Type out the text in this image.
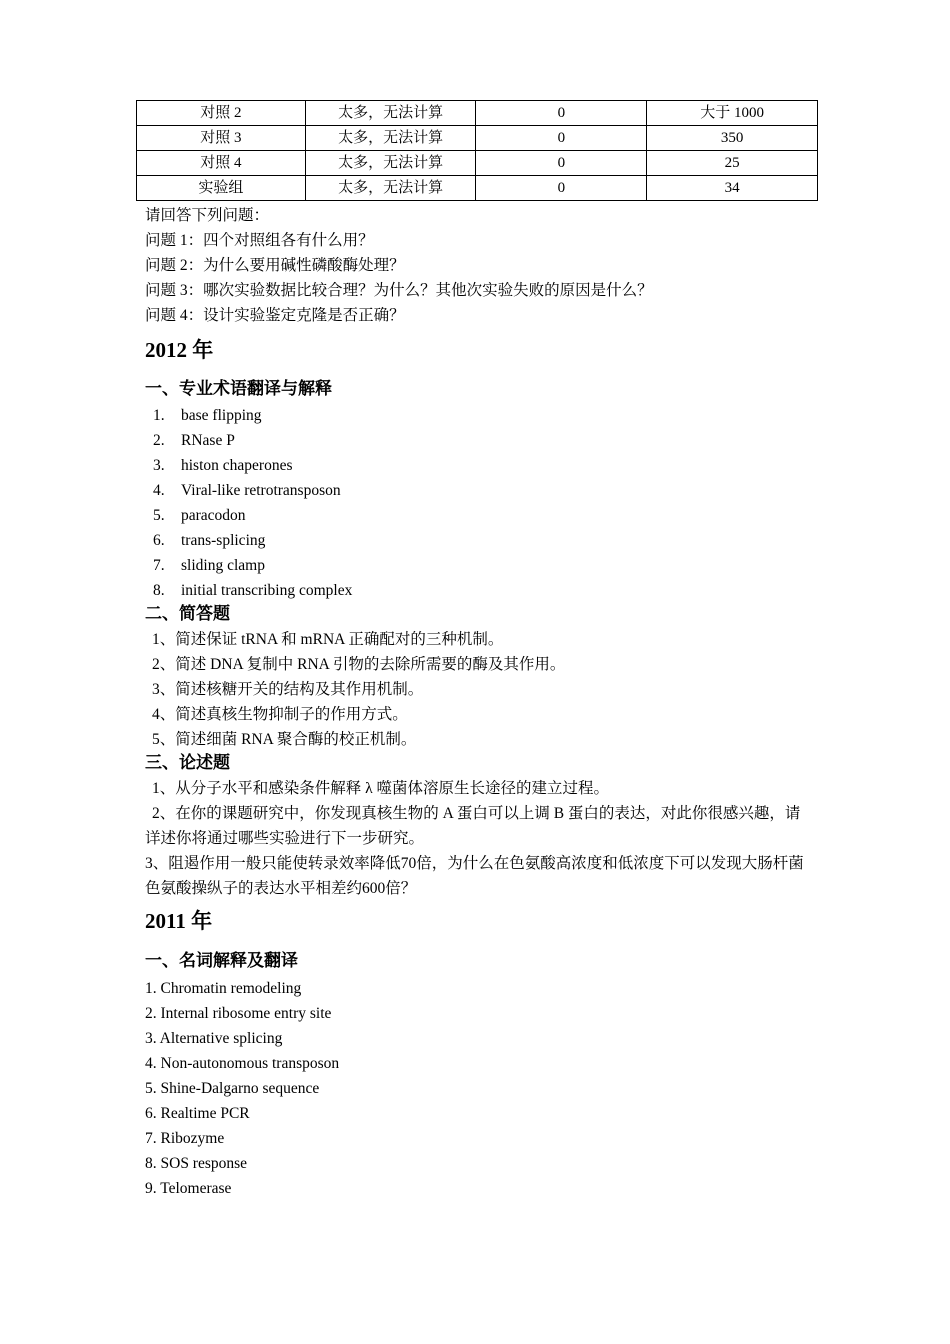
对照 2	太多，无法计算	0	大于 1000
对照 3	太多，无法计算	0	350
对照 4	太多，无法计算	0	25
实验组	太多，无法计算	0	34
请回答下列问题：
问题 1：四个对照组各有什么用？
问题 2：为什么要用碱性磷酸酶处理？
问题 3：哪次实验数据比较合理？为什么？其他次实验失败的原因是什么？
问题 4：设计实验鉴定克隆是否正确？
2012 年
一、专业术语翻译与解释
1. base flipping
2. RNase P
3. histon chaperones
4. Viral-like retrotransposon
5. paracodon
6. trans-splicing
7. sliding clamp
8. initial transcribing complex
二、简答题
1、简述保证 tRNA 和 mRNA 正确配对的三种机制。
2、简述 DNA 复制中 RNA 引物的去除所需要的酶及其作用。
3、简述核糖开关的结构及其作用机制。
4、简述真核生物抑制子的作用方式。
5、简述细菌 RNA 聚合酶的校正机制。
三、论述题
1、从分子水平和感染条件解释 λ 噬菌体溶原生长途径的建立过程。
2、在你的课题研究中，你发现真核生物的 A 蛋白可以上调 B 蛋白的表达，对此你很感兴趣，请详述你将通过哪些实验进行下一步研究。
3、阻遏作用一般只能使转录效率降低70倍，为什么在色氨酸高浓度和低浓度下可以发现大肠杆菌色氨酸操纵子的表达水平相差约600倍？
2011 年
一、名词解释及翻译
1. Chromatin remodeling
2. Internal ribosome entry site
3. Alternative splicing
4. Non-autonomous transposon
5. Shine-Dalgarno sequence
6. Realtime PCR
7. Ribozyme
8. SOS response
9. Telomerase
